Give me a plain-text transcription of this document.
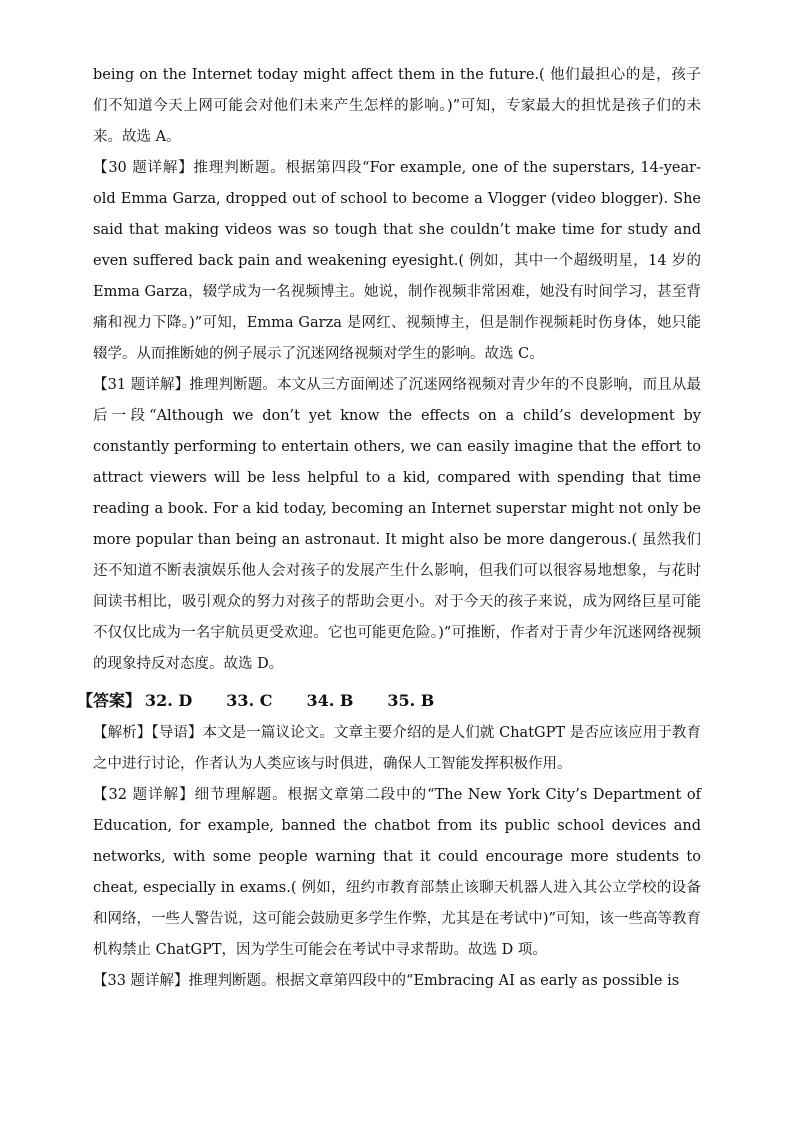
being on the Internet today might affect them in the future.( 他们最担心的是，孩子们不知道今天上网可能会对他们未来产生怎样的影响。)”可知，专家最大的担忧是孩子们的未来。故选 A。

【30 题详解】推理判断题。根据第四段“For example, one of the superstars, 14-year-old Emma Garza, dropped out of school to become a Vlogger (video blogger). She said that making videos was so tough that she couldn’t make time for study and even suffered back pain and weakening eyesight.( 例如，其中一个超级明星，14 岁的 Emma Garza，辍学成为一名视频博主。她说，制作视频非常困难，她没有时间学习，甚至背痛和视力下降。)”可知，Emma Garza 是网红、视频博主，但是制作视频耗时伤身体，她只能辍学。从而推断她的例子展示了沉迷网络视频对学生的影响。故选 C。

【31 题详解】推理判断题。本文从三方面阐述了沉迷网络视频对青少年的不良影响，而且从最后一段“Although we don’t yet know the effects on a child’s development by constantly performing to entertain others, we can easily imagine that the effort to attract viewers will be less helpful to a kid, compared with spending that time reading a book. For a kid today, becoming an Internet superstar might not only be more popular than being an astronaut. It might also be more dangerous.( 虽然我们还不知道不断表演娱乐他人会对孩子的发展产生什么影响，但我们可以很容易地想象，与花时间读书相比，吸引观众的努力对孩子的帮助会更小。对于今天的孩子来说，成为网络巨星可能不仅仅比成为一名宇航员更受欢迎。它也可能更危险。)”可推断，作者对于青少年沉迷网络视频的现象持反对态度。故选 D。

【答案】 32. D 33. C 34. B 35. B

【解析】【导语】本文是一篇议论文。文章主要介绍的是人们就 ChatGPT 是否应该应用于教育之中进行讨论，作者认为人类应该与时俱进，确保人工智能发挥积极作用。

【32 题详解】细节理解题。根据文章第二段中的“The New York City’s Department of Education, for example, banned the chatbot from its public school devices and networks, with some people warning that it could encourage more students to cheat, especially in exams.( 例如，纽约市教育部禁止该聊天机器人进入其公立学校的设备和网络，一些人警告说，这可能会鼓励更多学生作弊，尤其是在考试中)”可知，该一些高等教育机构禁止 ChatGPT，因为学生可能会在考试中寻求帮助。故选 D 项。

【33 题详解】推理判断题。根据文章第四段中的“Embracing AI as early as possible is
